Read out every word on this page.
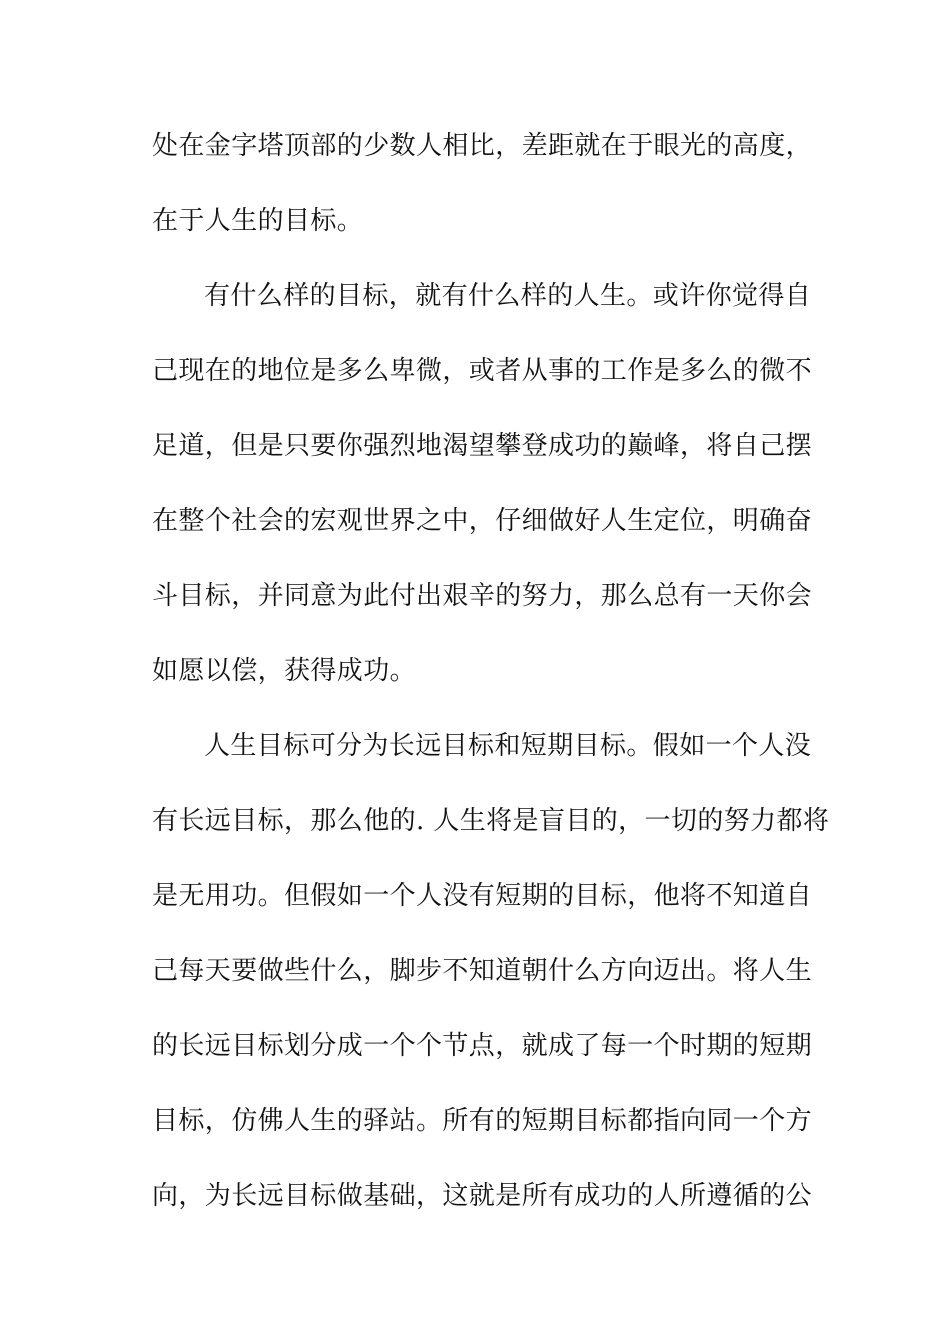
处在金字塔顶部的少数人相比，差距就在于眼光的高度，
在于人生的目标。
有什么样的目标，就有什么样的人生。或许你觉得自
己现在的地位是多么卑微，或者从事的工作是多么的微不
足道，但是只要你强烈地渴望攀登成功的巅峰，将自己摆
在整个社会的宏观世界之中，仔细做好人生定位，明确奋
斗目标，并同意为此付出艰辛的努力，那么总有一天你会
如愿以偿，获得成功。
人生目标可分为长远目标和短期目标。假如一个人没
有长远目标，那么他的. 人生将是盲目的，一切的努力都将
是无用功。但假如一个人没有短期的目标，他将不知道自
己每天要做些什么，脚步不知道朝什么方向迈出。将人生
的长远目标划分成一个个节点，就成了每一个时期的短期
目标，仿佛人生的驿站。所有的短期目标都指向同一个方
向，为长远目标做基础，这就是所有成功的人所遵循的公
